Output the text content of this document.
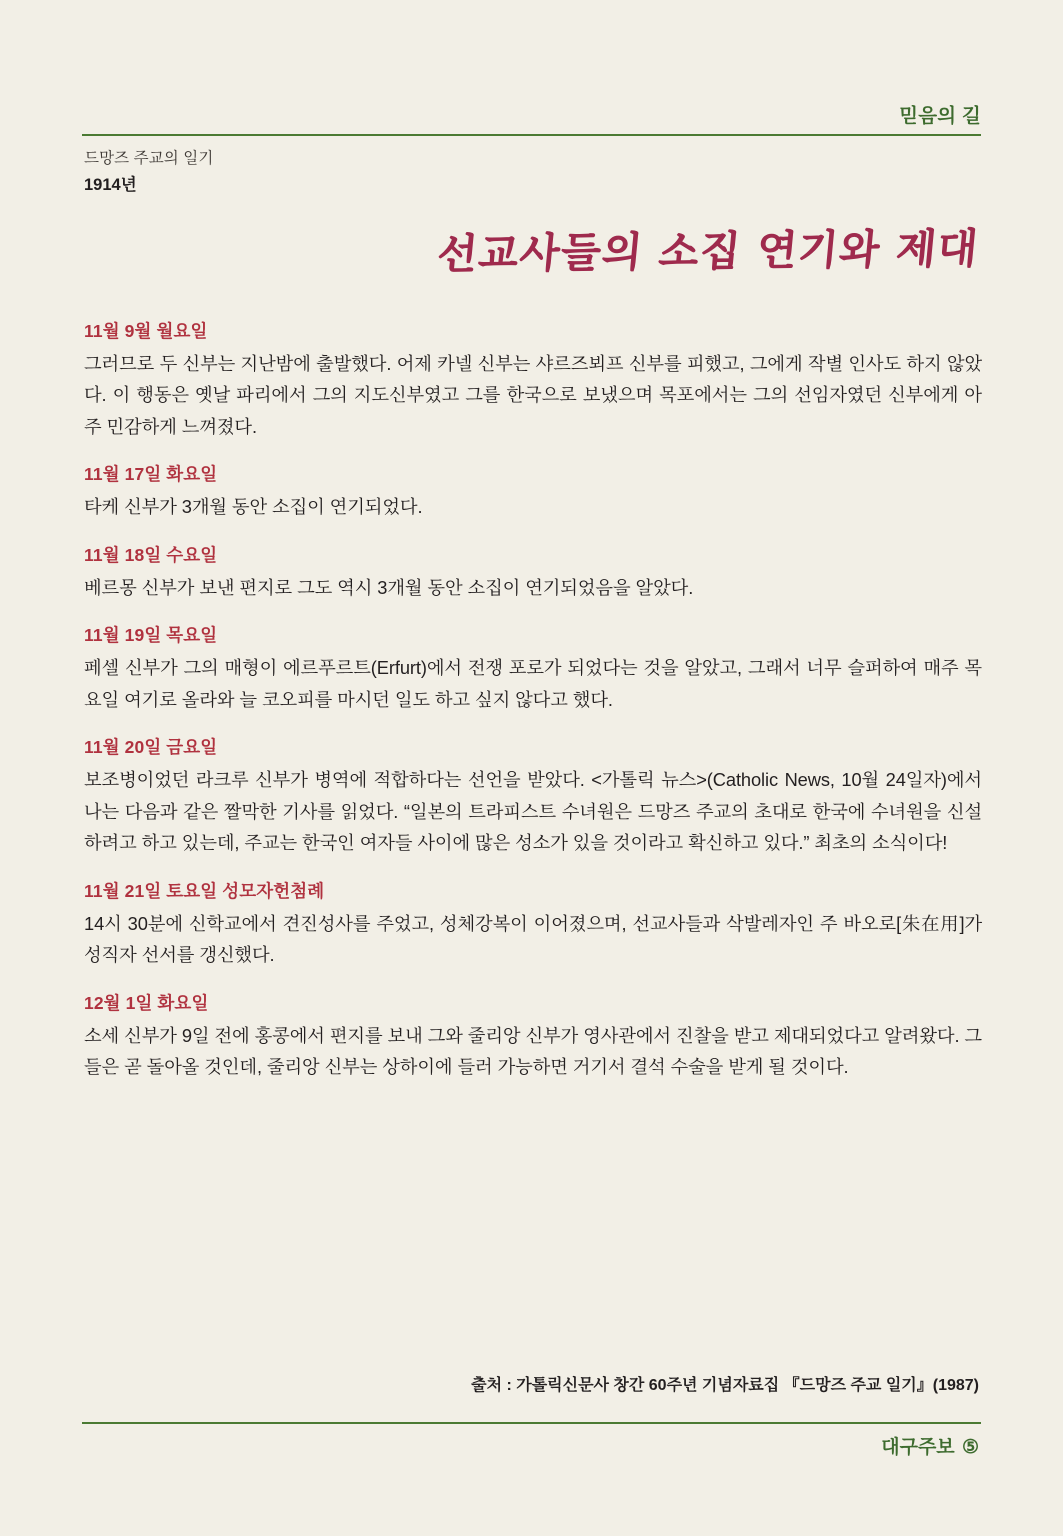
믿음의 길
드망즈 주교의 일기
1914년
선교사들의 소집 연기와 제대
11월 9월 월요일
그러므로 두 신부는 지난밤에 출발했다. 어제 카넬 신부는 샤르즈뵈프 신부를 피했고, 그에게 작별 인사도 하지 않았다. 이 행동은 옛날 파리에서 그의 지도신부였고 그를 한국으로 보냈으며 목포에서는 그의 선임자였던 신부에게 아주 민감하게 느껴졌다.
11월 17일 화요일
타케 신부가 3개월 동안 소집이 연기되었다.
11월 18일 수요일
베르몽 신부가 보낸 편지로 그도 역시 3개월 동안 소집이 연기되었음을 알았다.
11월 19일 목요일
페셀 신부가 그의 매형이 에르푸르트(Erfurt)에서 전쟁 포로가 되었다는 것을 알았고, 그래서 너무 슬퍼하여 매주 목요일 여기로 올라와 늘 코오피를 마시던 일도 하고 싶지 않다고 했다.
11월 20일 금요일
보조병이었던 라크루 신부가 병역에 적합하다는 선언을 받았다. <가톨릭 뉴스>(Catholic News, 10월 24일자)에서 나는 다음과 같은 짤막한 기사를 읽었다. “일본의 트라피스트 수녀원은 드망즈 주교의 초대로 한국에 수녀원을 신설하려고 하고 있는데, 주교는 한국인 여자들 사이에 많은 성소가 있을 것이라고 확신하고 있다.” 최초의 소식이다!
11월 21일 토요일 성모자헌첨례
14시 30분에 신학교에서 견진성사를 주었고, 성체강복이 이어졌으며, 선교사들과 삭발레자인 주 바오로[朱在用]가 성직자 선서를 갱신했다.
12월 1일 화요일
소세 신부가 9일 전에 홍콩에서 편지를 보내 그와 줄리앙 신부가 영사관에서 진찰을 받고 제대되었다고 알려왔다. 그들은 곧 돌아올 것인데, 줄리앙 신부는 상하이에 들러 가능하면 거기서 결석 수술을 받게 될 것이다.
출처 : 가톨릭신문사 창간 60주년 기념자료집 『드망즈 주교 일기』(1987)
대구주보 ⑤
